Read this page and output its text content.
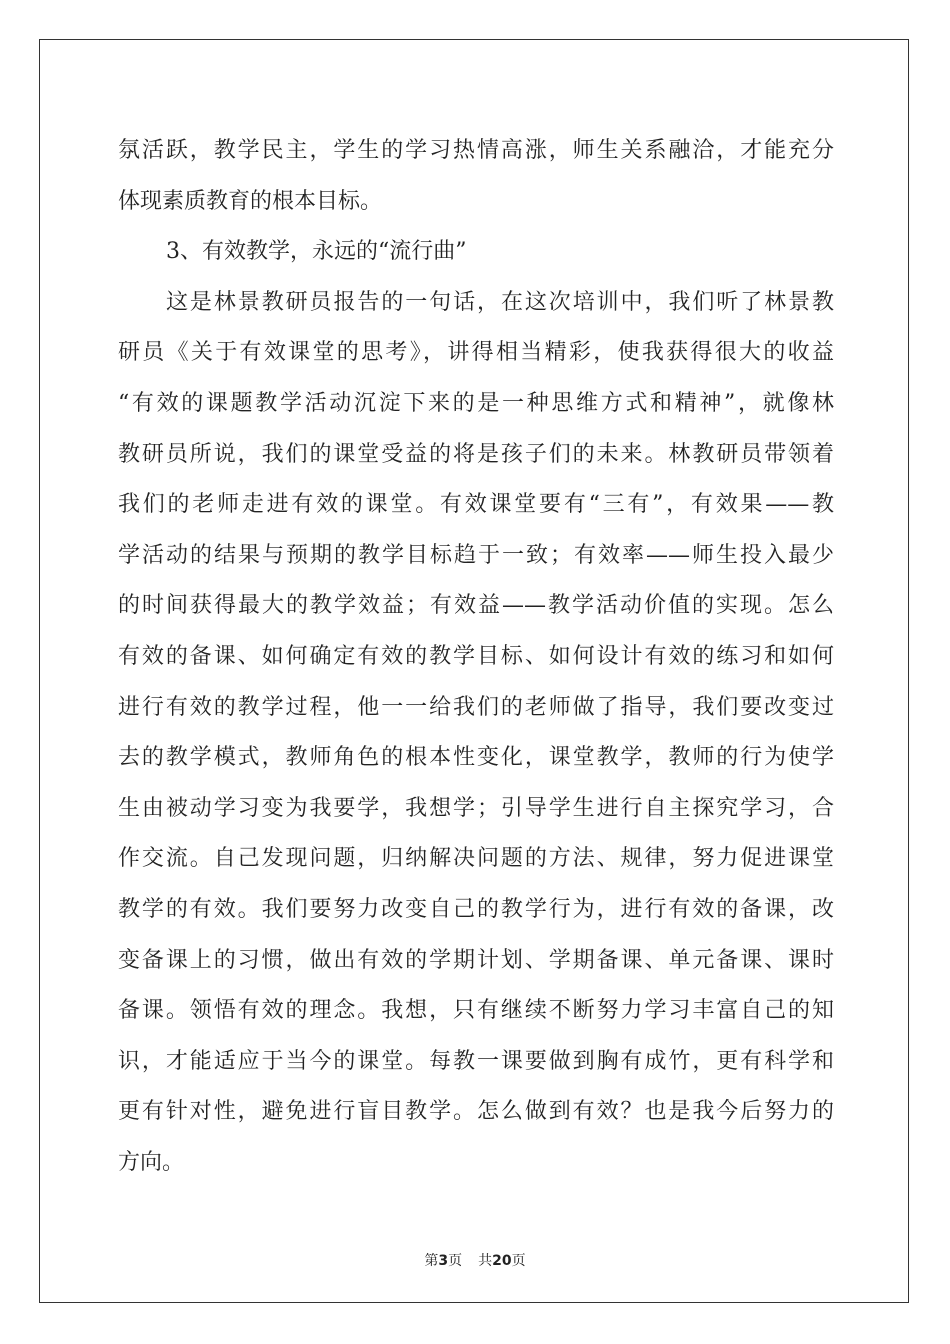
氛活跃，教学民主，学生的学习热情高涨，师生关系融洽，才能充分
体现素质教育的根本目标。
3、有效教学，永远的“流行曲”
这是林景教研员报告的一句话，在这次培训中，我们听了林景教
研员《关于有效课堂的思考》，讲得相当精彩，使我获得很大的收益
“有效的课题教学活动沉淀下来的是一种思维方式和精神”，就像林
教研员所说，我们的课堂受益的将是孩子们的未来。林教研员带领着
我们的老师走进有效的课堂。有效课堂要有“三有”，有效果——教
学活动的结果与预期的教学目标趋于一致；有效率——师生投入最少
的时间获得最大的教学效益；有效益——教学活动价值的实现。怎么
有效的备课、如何确定有效的教学目标、如何设计有效的练习和如何
进行有效的教学过程，他一一给我们的老师做了指导，我们要改变过
去的教学模式，教师角色的根本性变化，课堂教学，教师的行为使学
生由被动学习变为我要学，我想学；引导学生进行自主探究学习，合
作交流。自己发现问题，归纳解决问题的方法、规律，努力促进课堂
教学的有效。我们要努力改变自己的教学行为，进行有效的备课，改
变备课上的习惯，做出有效的学期计划、学期备课、单元备课、课时
备课。领悟有效的理念。我想，只有继续不断努力学习丰富自己的知
识，才能适应于当今的课堂。每教一课要做到胸有成竹，更有科学和
更有针对性，避免进行盲目教学。怎么做到有效？也是我今后努力的
方向。
第3页 共20页
